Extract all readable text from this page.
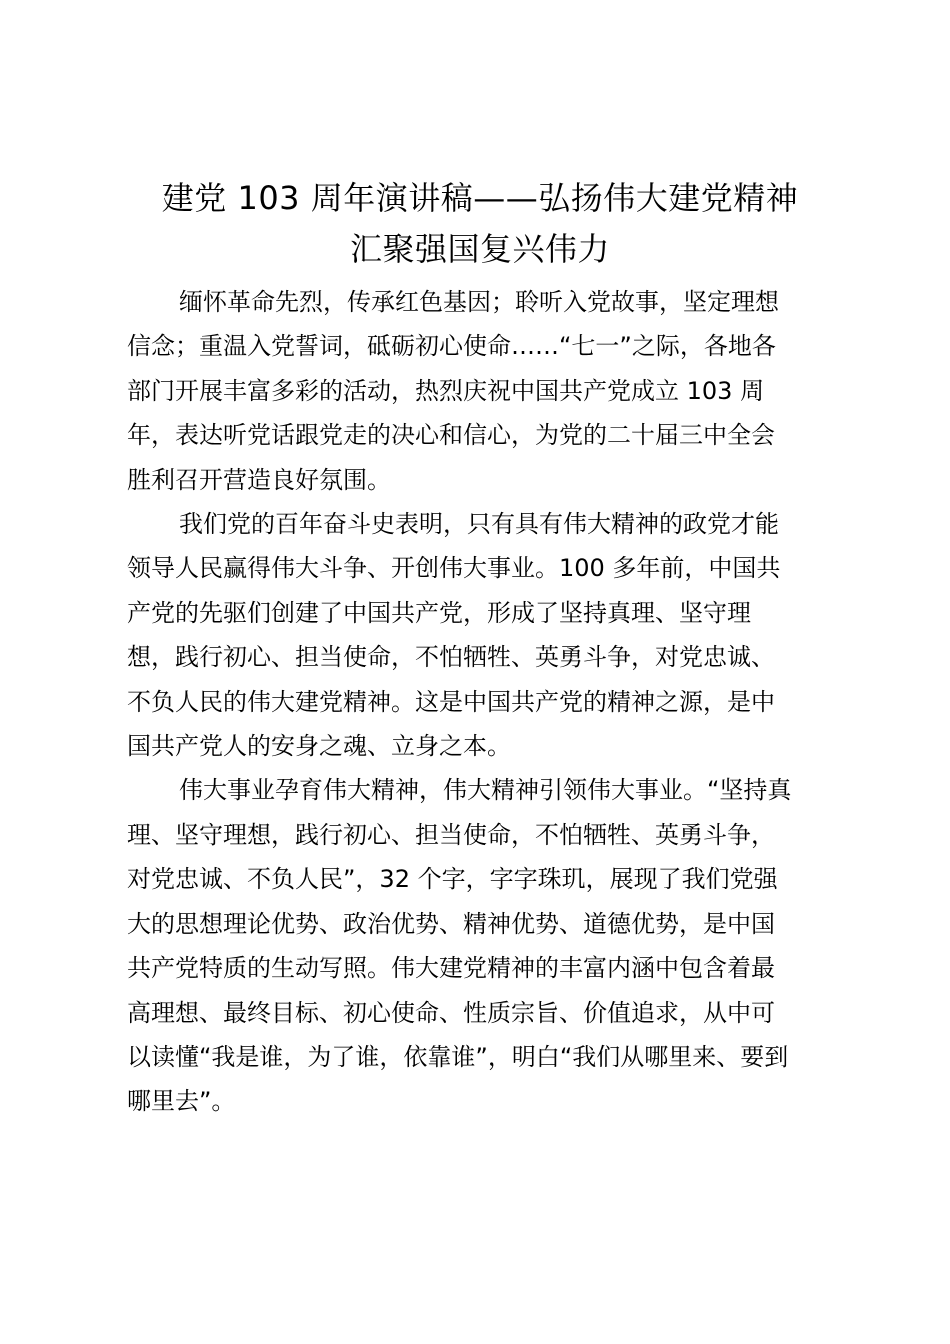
建党 103 周年演讲稿——弘扬伟大建党精神
汇聚强国复兴伟力

缅怀革命先烈，传承红色基因；聆听入党故事，坚定理想
信念；重温入党誓词，砥砺初心使命……“七一”之际，各地各
部门开展丰富多彩的活动，热烈庆祝中国共产党成立 103 周
年，表达听党话跟党走的决心和信心，为党的二十届三中全会
胜利召开营造良好氛围。

我们党的百年奋斗史表明，只有具有伟大精神的政党才能
领导人民赢得伟大斗争、开创伟大事业。100 多年前，中国共
产党的先驱们创建了中国共产党，形成了坚持真理、坚守理
想，践行初心、担当使命，不怕牺牲、英勇斗争，对党忠诚、
不负人民的伟大建党精神。这是中国共产党的精神之源，是中
国共产党人的安身之魂、立身之本。

伟大事业孕育伟大精神，伟大精神引领伟大事业。“坚持真
理、坚守理想，践行初心、担当使命，不怕牺牲、英勇斗争，
对党忠诚、不负人民”，32 个字，字字珠玑，展现了我们党强
大的思想理论优势、政治优势、精神优势、道德优势，是中国
共产党特质的生动写照。伟大建党精神的丰富内涵中包含着最
高理想、最终目标、初心使命、性质宗旨、价值追求，从中可
以读懂“我是谁，为了谁，依靠谁”，明白“我们从哪里来、要到
哪里去”。
